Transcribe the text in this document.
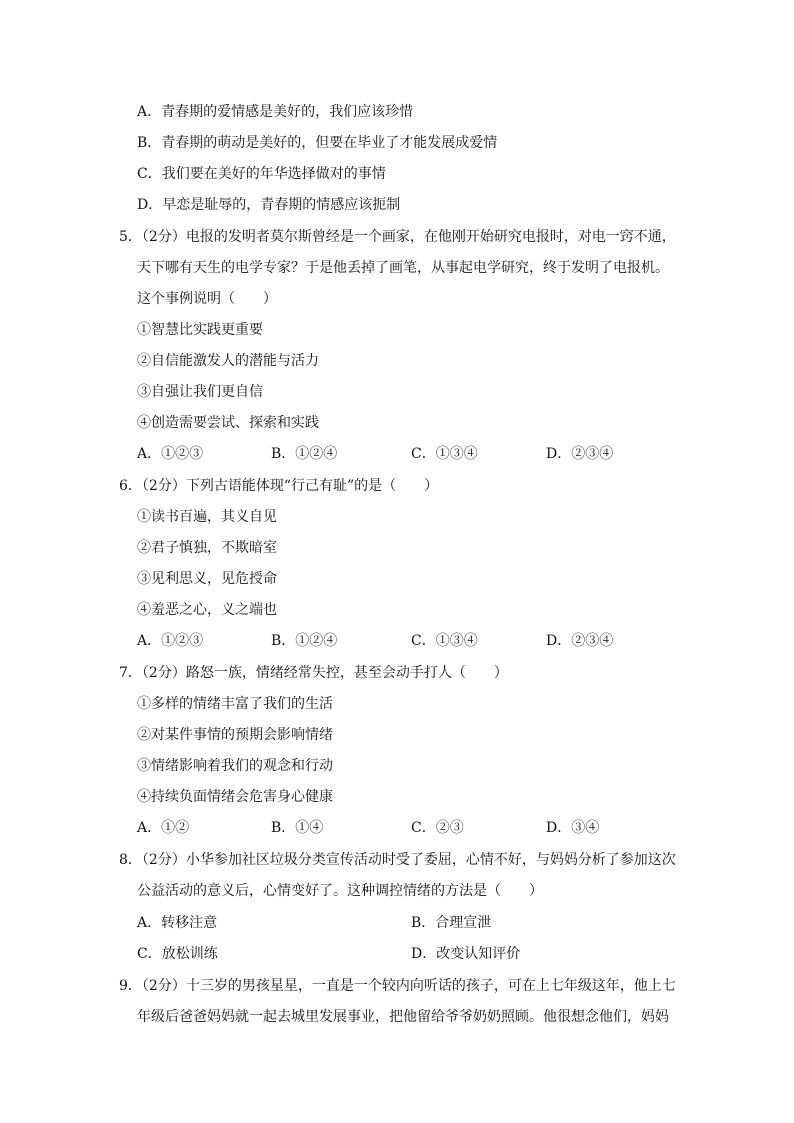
A．青春期的爱情感是美好的，我们应该珍惜
B．青春期的萌动是美好的，但要在毕业了才能发展成爱情
C．我们要在美好的年华选择做对的事情
D．早恋是耻辱的，青春期的情感应该扼制
5．（2分）电报的发明者莫尔斯曾经是一个画家，在他刚开始研究电报时，对电一窍不通，
天下哪有天生的电学专家？于是他丢掉了画笔，从事起电学研究，终于发明了电报机。
这个事例说明（　　）
①智慧比实践更重要
②自信能激发人的潜能与活力
③自强让我们更自信
④创造需要尝试、探索和实践
A．①②③	B．①②④	C．①③④	D．②③④
6．（2分）下列古语能体现“行己有耻”的是（　　）
①读书百遍，其义自见
②君子慎独，不欺暗室
③见利思义，见危授命
④羞恶之心，义之端也
A．①②③	B．①②④	C．①③④	D．②③④
7．（2分）路怒一族，情绪经常失控，甚至会动手打人（　　）
①多样的情绪丰富了我们的生活
②对某件事情的预期会影响情绪
③情绪影响着我们的观念和行动
④持续负面情绪会危害身心健康
A．①②	B．①④	C．②③	D．③④
8．（2分）小华参加社区垃圾分类宣传活动时受了委屈，心情不好，与妈妈分析了参加这次
公益活动的意义后，心情变好了。这种调控情绪的方法是（　　）
A．转移注意	B．合理宣泄
C．放松训练	D．改变认知评价
9．（2分）十三岁的男孩星星，一直是一个较内向听话的孩子，可在上七年级这年，他上七
年级后爸爸妈妈就一起去城里发展事业，把他留给爷爷奶奶照顾。他很想念他们，妈妈
